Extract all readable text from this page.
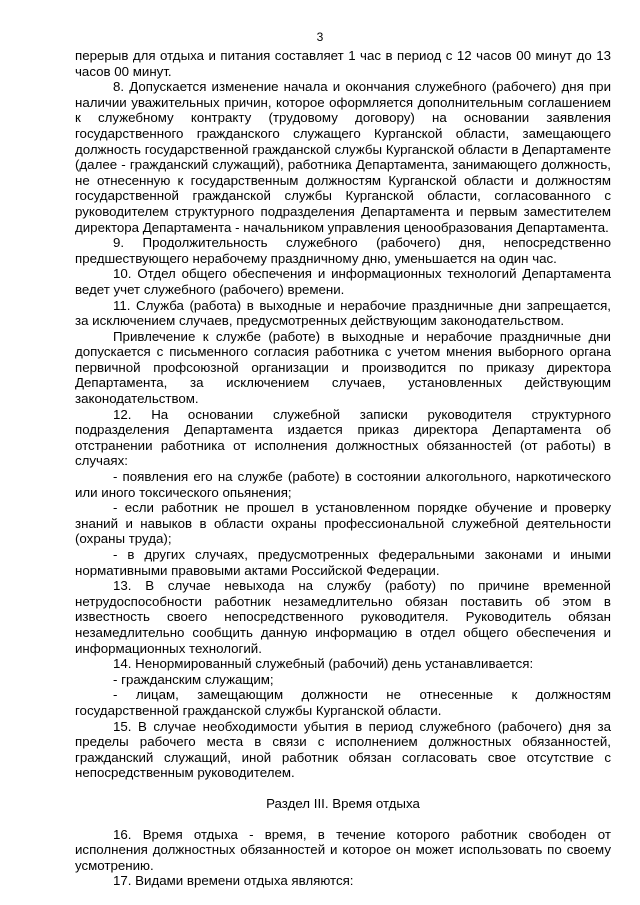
3

перерыв для отдыха и питания составляет 1 час в период с 12 часов 00 минут до 13 часов 00 минут.

8. Допускается изменение начала и окончания служебного (рабочего) дня при наличии уважительных причин, которое оформляется дополнительным соглашением к служебному контракту (трудовому договору) на основании заявления государственного гражданского служащего Курганской области, замещающего должность государственной гражданской службы Курганской области в Департаменте (далее - гражданский служащий), работника Департамента, занимающего должность, не отнесенную к государственным должностям Курганской области и должностям государственной гражданской службы Курганской области, согласованного с руководителем структурного подразделения Департамента и первым заместителем директора Департамента - начальником управления ценообразования Департамента.

9. Продолжительность служебного (рабочего) дня, непосредственно предшествующего нерабочему праздничному дню, уменьшается на один час.

10. Отдел общего обеспечения и информационных технологий Департамента ведет учет служебного (рабочего) времени.

11. Служба (работа) в выходные и нерабочие праздничные дни запрещается, за исключением случаев, предусмотренных действующим законодательством.

Привлечение к службе (работе) в выходные и нерабочие праздничные дни допускается с письменного согласия работника с учетом мнения выборного органа первичной профсоюзной организации и производится по приказу директора Департамента, за исключением случаев, установленных действующим законодательством.

12. На основании служебной записки руководителя структурного подразделения Департамента издается приказ директора Департамента об отстранении работника от исполнения должностных обязанностей (от работы) в случаях:

- появления его на службе (работе) в состоянии алкогольного, наркотического или иного токсического опьянения;

- если работник не прошел в установленном порядке обучение и проверку знаний и навыков в области охраны профессиональной служебной деятельности (охраны труда);

- в других случаях, предусмотренных федеральными законами и иными нормативными правовыми актами Российской Федерации.

13. В случае невыхода на службу (работу) по причине временной нетрудоспособности работник незамедлительно обязан поставить об этом в известность своего непосредственного руководителя. Руководитель обязан незамедлительно сообщить данную информацию в отдел общего обеспечения и информационных технологий.

14. Ненормированный служебный (рабочий) день устанавливается:

- гражданским служащим;

- лицам, замещающим должности не отнесенные к должностям государственной гражданской службы Курганской области.

15. В случае необходимости убытия в период служебного (рабочего) дня за пределы рабочего места в связи с исполнением должностных обязанностей, гражданский служащий, иной работник обязан согласовать свое отсутствие с непосредственным руководителем.

Раздел III. Время отдыха

16. Время отдыха - время, в течение которого работник свободен от исполнения должностных обязанностей и которое он может использовать по своему усмотрению.

17. Видами времени отдыха являются:
